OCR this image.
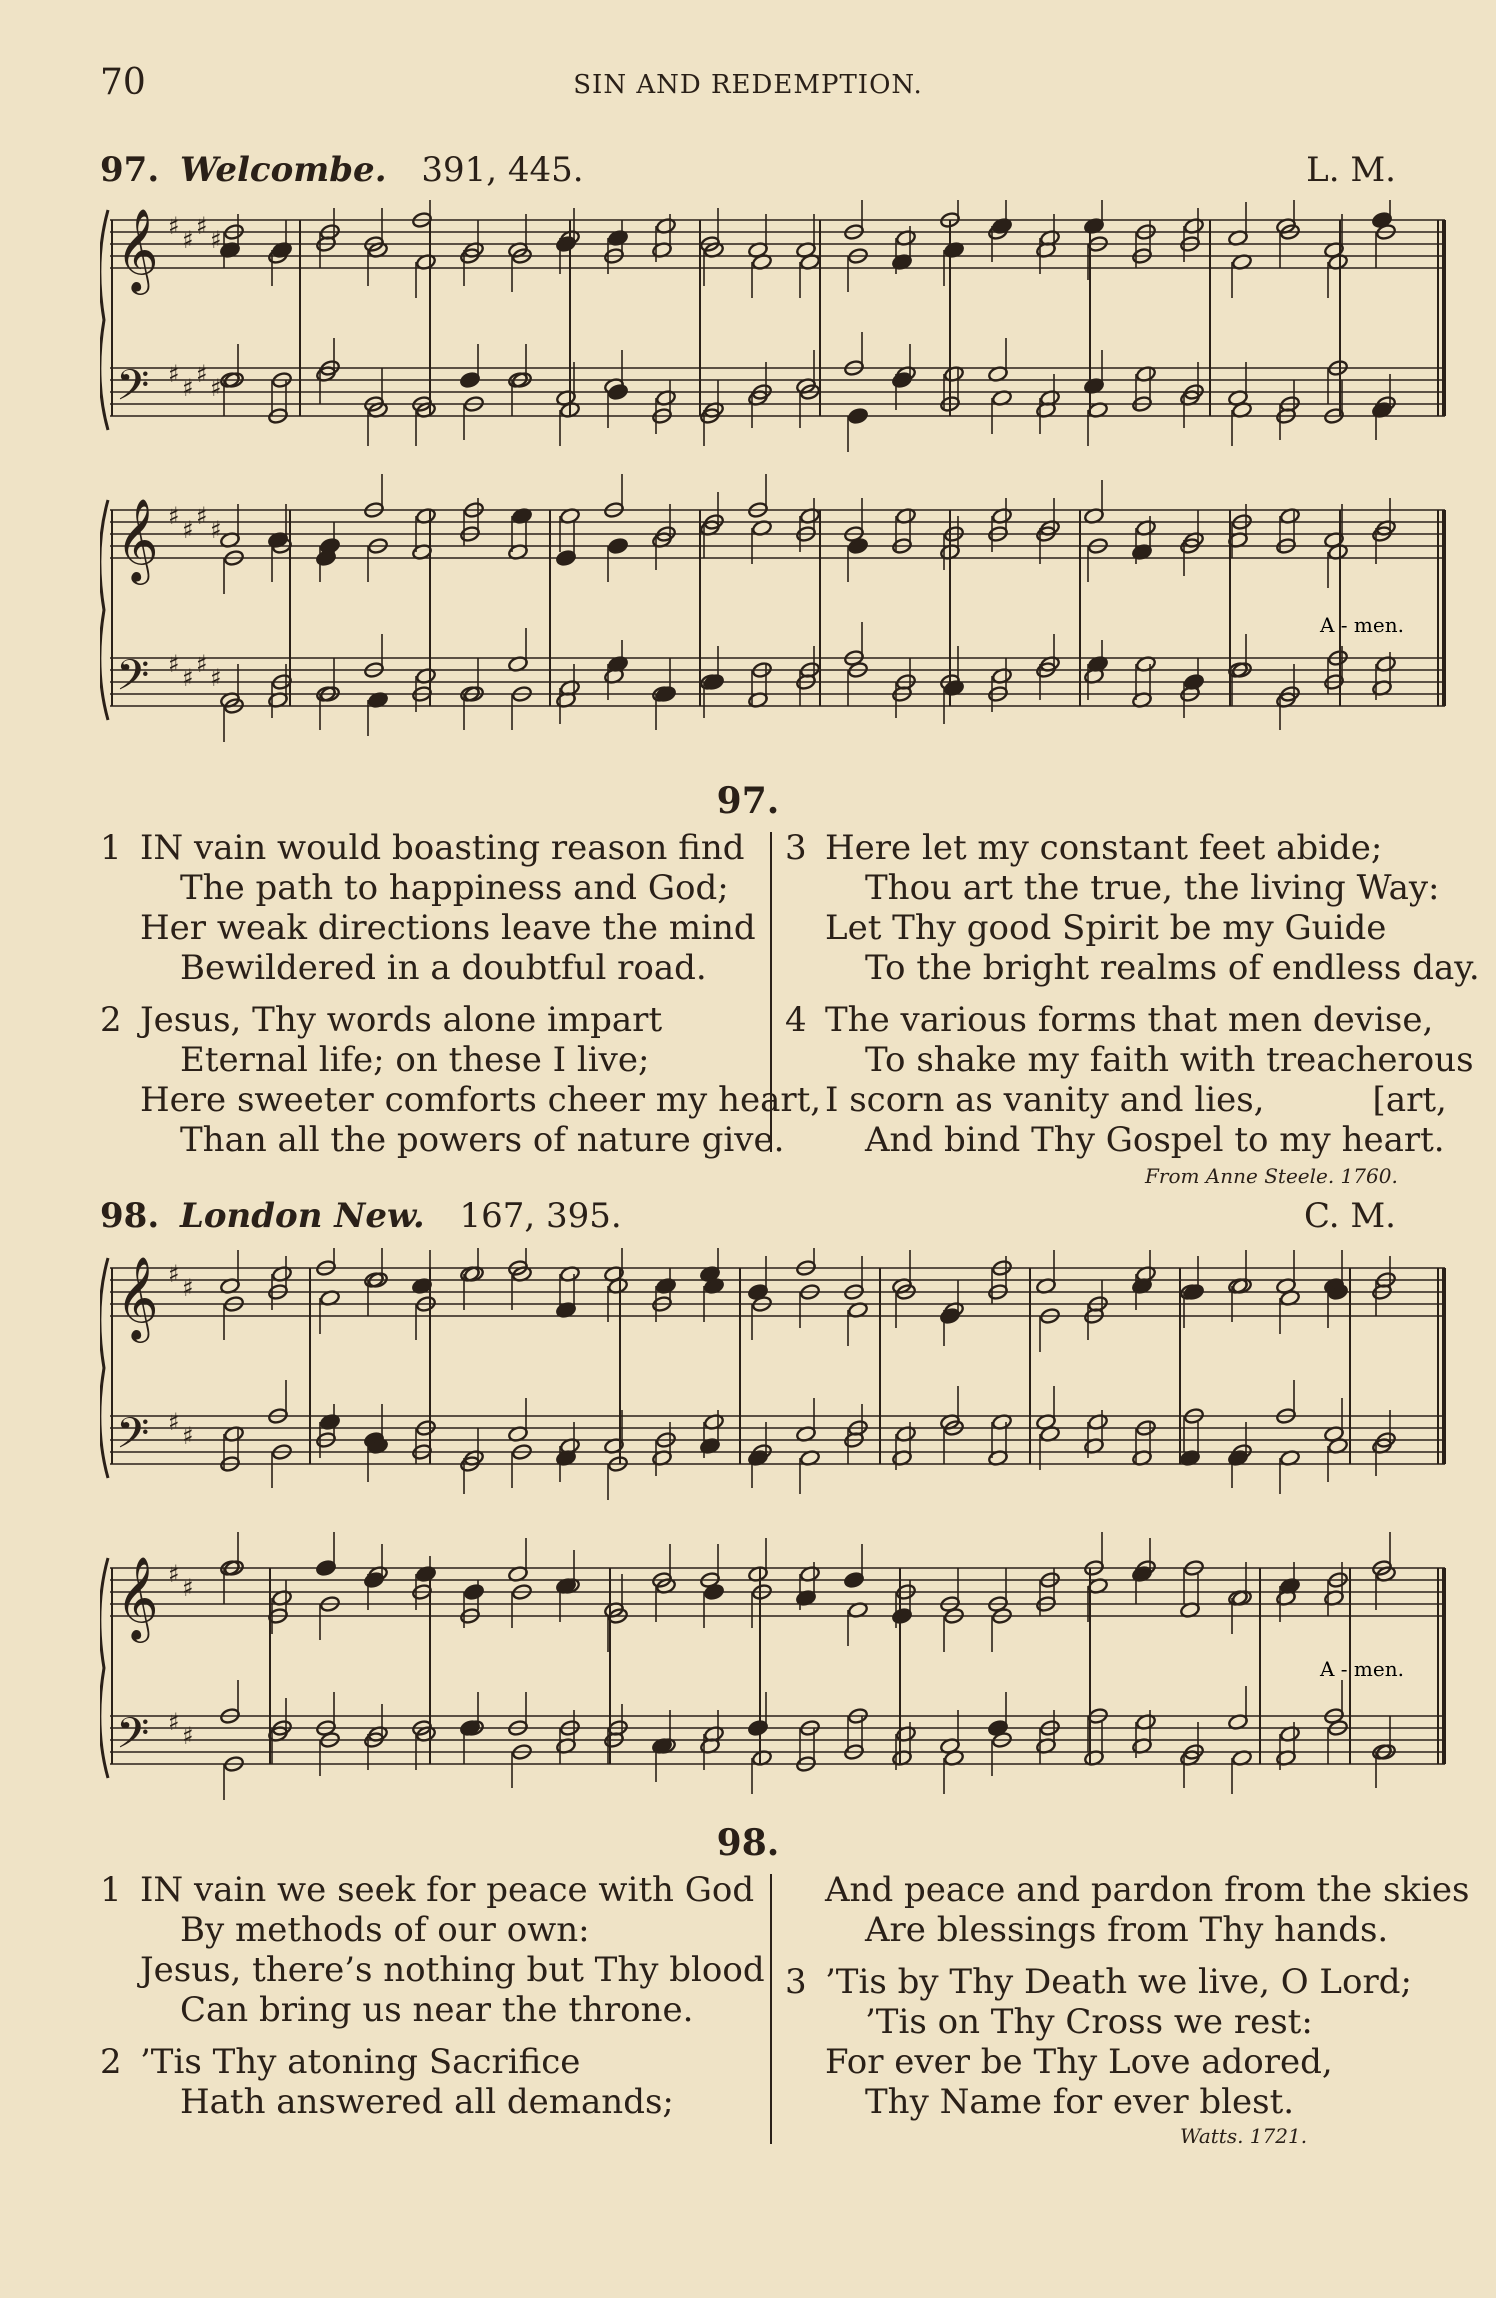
70	SIN AND REDEMPTION.
97. Welcombe. 391, 445.	L. M.
𝄞
𝄢
♯
♯
♯
♯
♯
♯
♯
♯
𝄞
𝄢
♯
♯
♯
♯
♯
♯
♯
♯
A - men.
97.
1 IN vain would boasting reason find
The path to happiness and God;
Her weak directions leave the mind
Bewildered in a doubtful road.
2 Jesus, Thy words alone impart
Eternal life; on these I live;
Here sweeter comforts cheer my heart,
Than all the powers of nature give.
3 Here let my constant feet abide;
Thou art the true, the living Way:
Let Thy good Spirit be my Guide
To the bright realms of endless day.
4 The various forms that men devise,
To shake my faith with treacherous
I scorn as vanity and lies,          [art,
And bind Thy Gospel to my heart.
From Anne Steele. 1760.
98. London New. 167, 395.	C. M.
𝄞
𝄢
♯
♯
♯
♯
𝄞
𝄢
♯
♯
♯
♯
A - men.
98.
1 IN vain we seek for peace with God
By methods of our own:
Jesus, there’s nothing but Thy blood
Can bring us near the throne.
2 ’Tis Thy atoning Sacrifice
Hath answered all demands;
And peace and pardon from the skies
Are blessings from Thy hands.
3 ’Tis by Thy Death we live, O Lord;
’Tis on Thy Cross we rest:
For ever be Thy Love adored,
Thy Name for ever blest.
Watts. 1721.
